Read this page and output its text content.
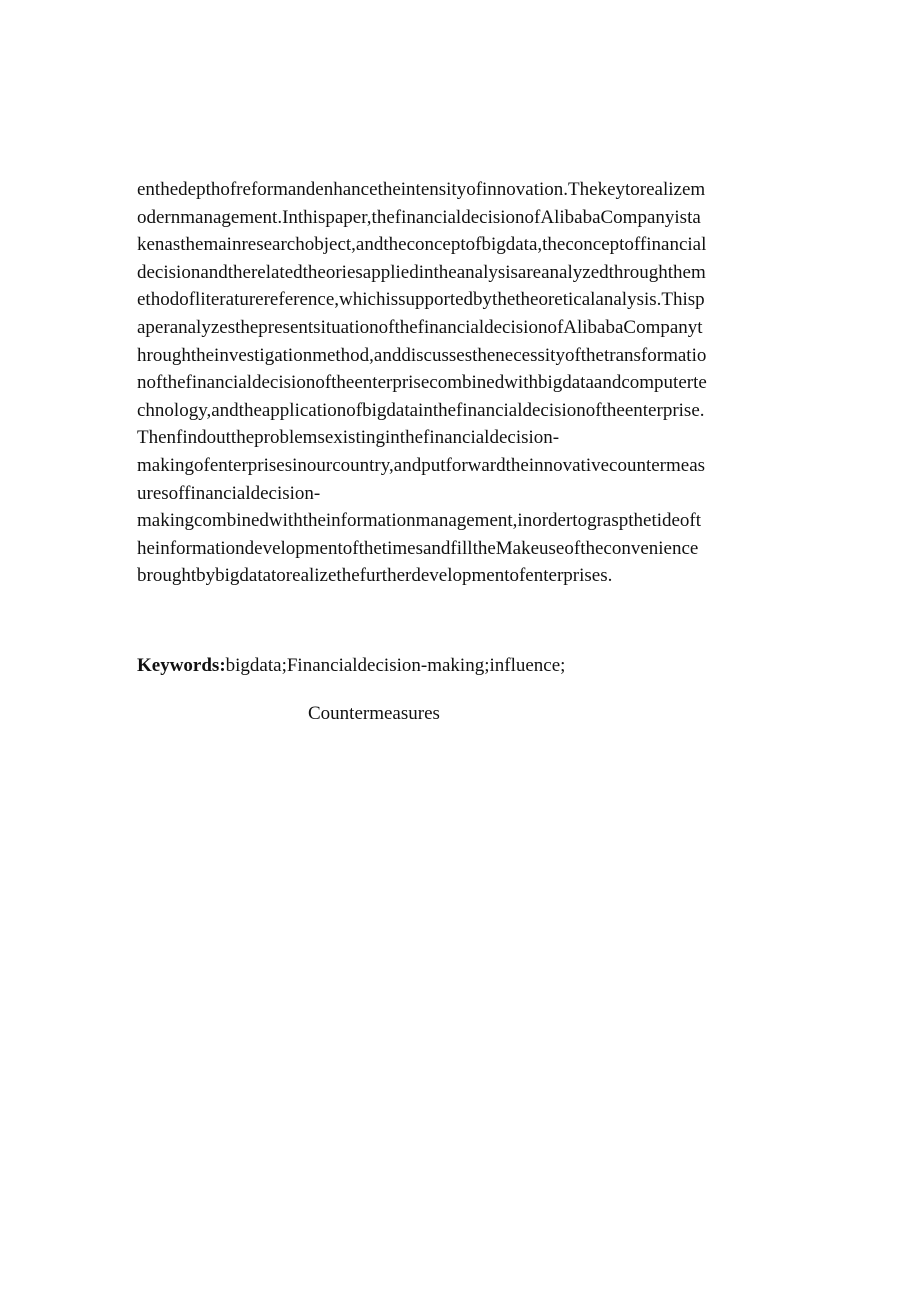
enthedepthofreformandenhancetheintensityofinnovation.Thekeytorealizem
odernmanagement.Inthispaper,thefinancialdecisionofAlibabaCompanyista
kenasthemainresearchobject,andtheconceptofbigdata,theconceptoffinancial
decisionandtherelatedtheoriesappliedintheanalysisareanalyzedthroughthem
ethodofliteraturereference,whichissupportedbythetheoreticalanalysis.Thisp
aperanalyzesthepresentsituationofthefinancialdecisionofAlibabaCompanyt
hroughtheinvestigationmethod,anddiscussesthenecessityofthetransformatio
nofthefinancialdecisionoftheenterprisecombinedwithbigdataandcomputerte
chnology,andtheapplicationofbigdatainthefinancialdecisionoftheenterprise.
Thenfindouttheproblemsexistinginthefinancialdecision-
makingofenterprisesinourcountry,andputforwardtheinnovativecountermeas
uresoffinancialdecision-
makingcombinedwiththeinformationmanagement,inordertograspthetideoft
heinformationdevelopmentofthetimesandfilltheMakeuseoftheconvenience
broughtbybigdatatorealizethefurtherdevelopmentofenterprises.
Keywords:bigdata;Financialdecision-making;influence;
Countermeasures
